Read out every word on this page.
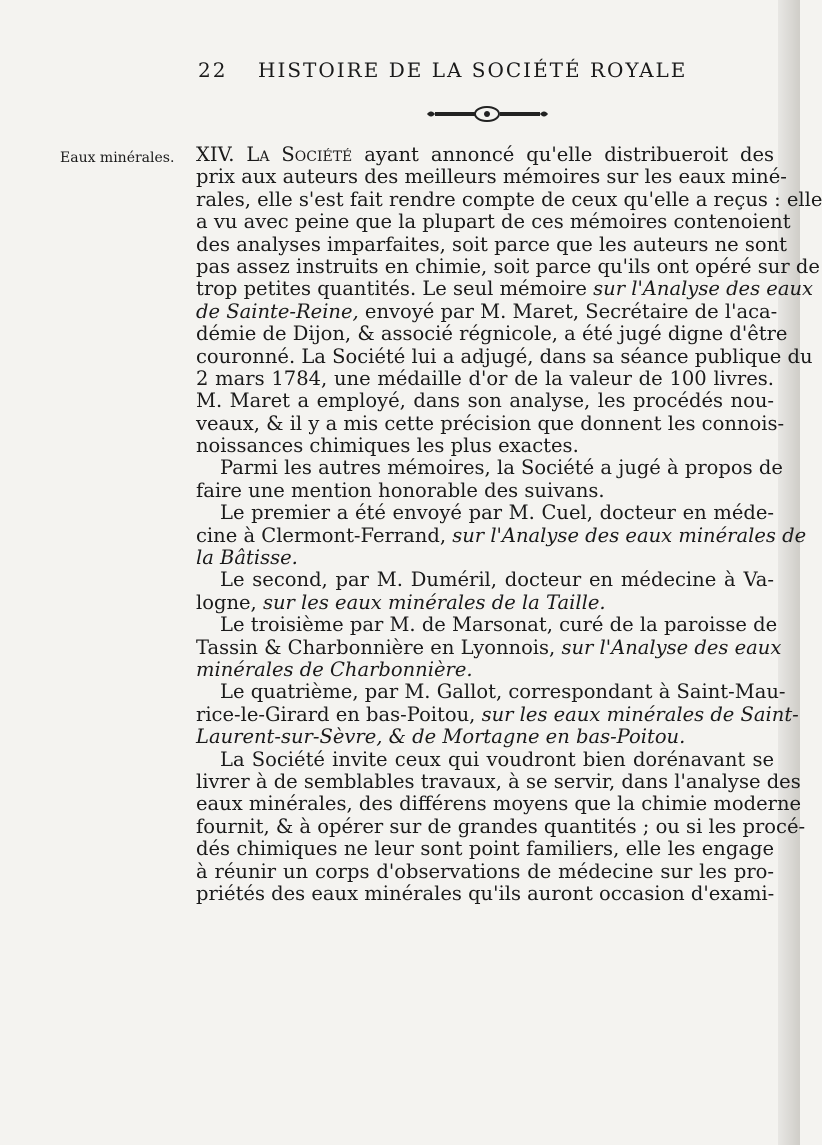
22 HISTOIRE DE LA SOCIÉTÉ ROYALE
Eaux minérales. XIV. La Société ayant annoncé qu'elle distribueroit des
prix aux auteurs des meilleurs mémoires sur les eaux miné-
rales, elle s'est fait rendre compte de ceux qu'elle a reçus : elle
a vu avec peine que la plupart de ces mémoires contenoient
des analyses imparfaites, soit parce que les auteurs ne sont
pas assez instruits en chimie, soit parce qu'ils ont opéré sur de
trop petites quantités. Le seul mémoire sur l'Analyse des eaux
de Sainte-Reine, envoyé par M. Maret, Secrétaire de l'aca-
démie de Dijon, & associé régnicole, a été jugé digne d'être
couronné. La Société lui a adjugé, dans sa séance publique du
2 mars 1784, une médaille d'or de la valeur de 100 livres.
M. Maret a employé, dans son analyse, les procédés nou-
veaux, & il y a mis cette précision que donnent les connois-
noissances chimiques les plus exactes.
Parmi les autres mémoires, la Société a jugé à propos de
faire une mention honorable des suivans.
Le premier a été envoyé par M. Cuel, docteur en méde-
cine à Clermont-Ferrand, sur l'Analyse des eaux minérales de
la Bâtisse.
Le second, par M. Duméril, docteur en médecine à Va-
logne, sur les eaux minérales de la Taille.
Le troisième par M. de Marsonat, curé de la paroisse de
Tassin & Charbonnière en Lyonnois, sur l'Analyse des eaux
minérales de Charbonnière.
Le quatrième, par M. Gallot, correspondant à Saint-Mau-
rice-le-Girard en bas-Poitou, sur les eaux minérales de Saint-
Laurent-sur-Sèvre, & de Mortagne en bas-Poitou.
La Société invite ceux qui voudront bien dorénavant se
livrer à de semblables travaux, à se servir, dans l'analyse des
eaux minérales, des différens moyens que la chimie moderne
fournit, & à opérer sur de grandes quantités ; ou si les procé-
dés chimiques ne leur sont point familiers, elle les engage
à réunir un corps d'observations de médecine sur les pro-
priétés des eaux minérales qu'ils auront occasion d'exami-
